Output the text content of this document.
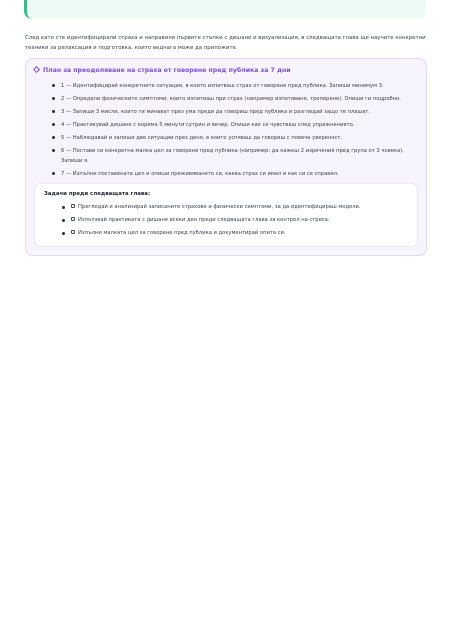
След като сте идентифицирали страха и направили първите стъпки с дишане и визуализация, в следващата глава ще научите конкретни техники за релаксация и подготовка, които веднага може да приложите.

План за преодоляване на страха от говорене пред публика за 7 дни
1 — Идентифицирай конкретните ситуации, в които изпитваш страх от говорене пред публика. Запиши минимум 3.
2 — Определи физическите симптоми, които изпитваш при страх (например изпотяване, треперене). Опиши ги подробно.
3 — Запиши 3 мисли, които ти минават през ума преди да говориш пред публика и разгледай защо те плашат.
4 — Практикувай дишане с корема 5 минути сутрин и вечер. Опиши как се чувстваш след упражнението.
5 — Наблюдавай и запиши две ситуации през деня, в които успяваш да говориш с повече увереност.
6 — Постави си конкретна малка цел за говорене пред публика (например: да кажеш 2 изречения пред група от 3 човека). Запиши я.
7 — Изпълни поставената цел и опиши преживяването си, каква страх си имал и как си се справил.
Задачи преди следващата глава:
Прегледай и анализирай записаните страхове и физически симптоми, за да идентифицираш модели.
Използвай практиката с дишане всеки ден преди следващата глава за контрол на стреса.
Изпълни малката цел за говорене пред публика и документирай опита си.
